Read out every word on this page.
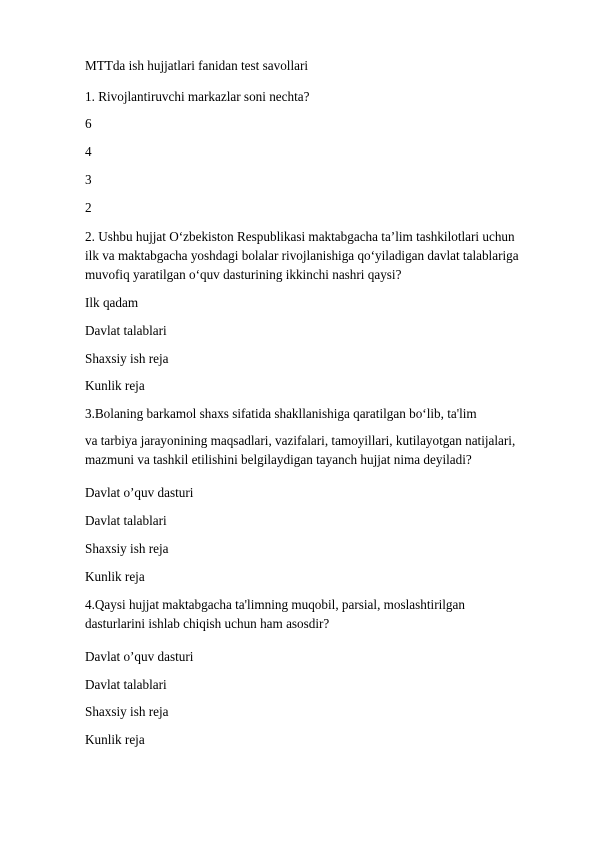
MTTda ish hujjatlari fanidan test savollari
1. Rivojlantiruvchi markazlar soni nechta?
6
4
3
2
2. Ushbu hujjat O‘zbekiston Respublikasi maktabgacha ta’lim tashkilotlari uchun ilk va maktabgacha yoshdagi bolalar rivojlanishiga qo‘yiladigan davlat talablariga muvofiq yaratilgan o‘quv dasturining ikkinchi nashri qaysi?
Ilk qadam
Davlat talablari
Shaxsiy ish reja
Kunlik reja
3.Bolaning barkamol shaxs sifatida shakllanishiga qaratilgan bo‘lib, ta'lim
va tarbiya jarayonining maqsadlari, vazifalari, tamoyillari, kutilayotgan natijalari, mazmuni va tashkil etilishini belgilaydigan tayanch hujjat nima deyiladi?
Davlat o’quv dasturi
Davlat talablari
Shaxsiy ish reja
Kunlik reja
4.Qaysi hujjat maktabgacha ta'limning muqobil, parsial, moslashtirilgan dasturlarini ishlab chiqish uchun ham asosdir?
Davlat o’quv dasturi
Davlat talablari
Shaxsiy ish reja
Kunlik reja
